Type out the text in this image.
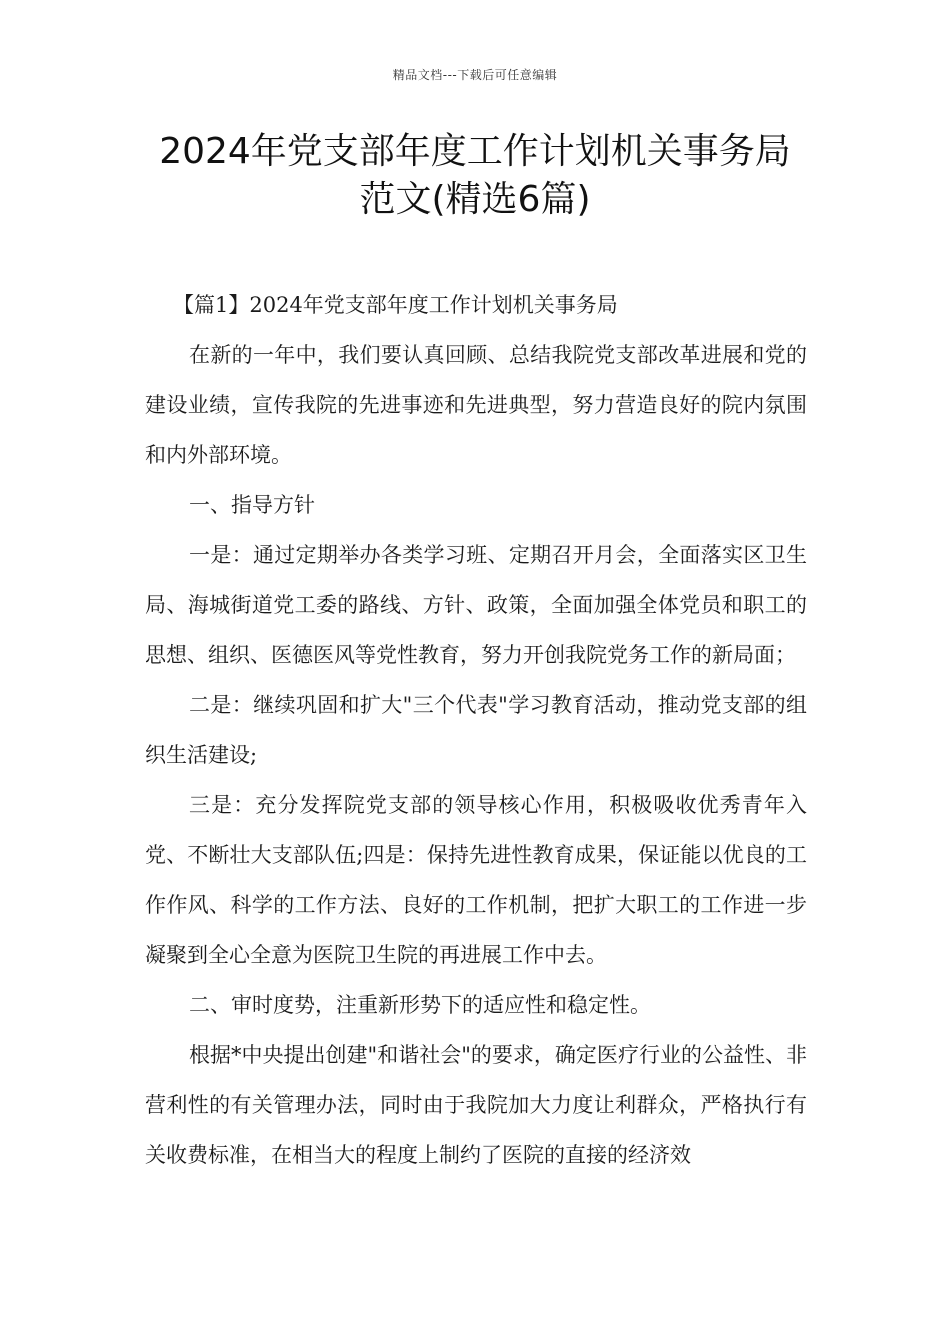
精品文档---下载后可任意编辑
2024年党支部年度工作计划机关事务局
范文(精选6篇)

【篇1】2024年党支部年度工作计划机关事务局

在新的一年中，我们要认真回顾、总结我院党支部改革进展和党的建设业绩，宣传我院的先进事迹和先进典型，努力营造良好的院内氛围和内外部环境。

一、指导方针

一是：通过定期举办各类学习班、定期召开月会，全面落实区卫生局、海城街道党工委的路线、方针、政策，全面加强全体党员和职工的思想、组织、医德医风等党性教育，努力开创我院党务工作的新局面；

二是：继续巩固和扩大"三个代表"学习教育活动，推动党支部的组织生活建设;

三是：充分发挥院党支部的领导核心作用，积极吸收优秀青年入党、不断壮大支部队伍;四是：保持先进性教育成果，保证能以优良的工作作风、科学的工作方法、良好的工作机制，把扩大职工的工作进一步凝聚到全心全意为医院卫生院的再进展工作中去。

二、审时度势，注重新形势下的适应性和稳定性。

根据*中央提出创建"和谐社会"的要求，确定医疗行业的公益性、非营利性的有关管理办法，同时由于我院加大力度让利群众，严格执行有关收费标准，在相当大的程度上制约了医院的直接的经济效
